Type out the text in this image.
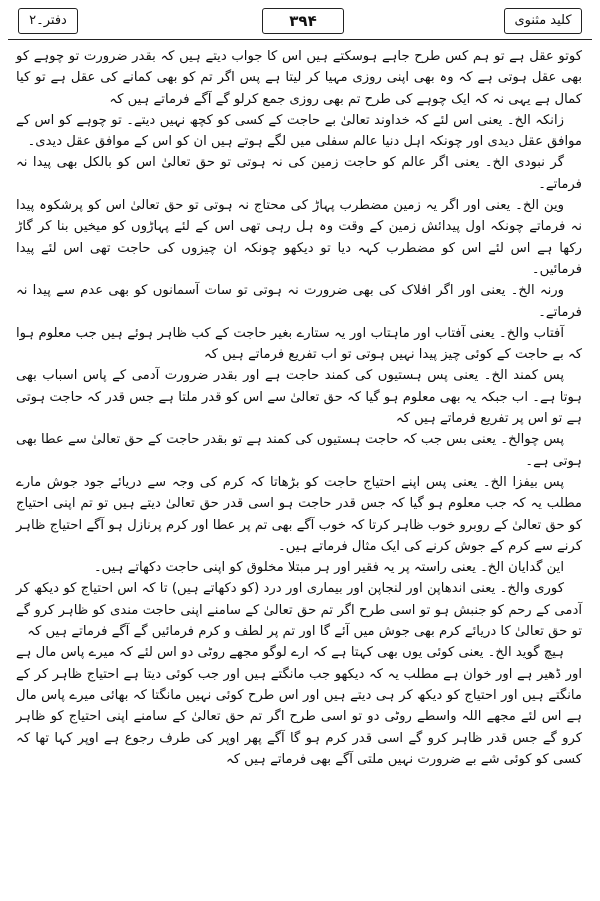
دفتر۔۲	۳۹۴	کلید مثنوی

کوتو عقل ہے تو ہم کس طرح جاہے ہوسکتے ہیں اس کا جواب دیتے ہیں کہ بقدر ضرورت تو چوہے کو بھی عقل ہوتی ہے کہ وہ بھی اپنی روزی مہیا کر لیتا ہے پس اگر تم کو بھی کمانے کی عقل ہے تو کیا کمال ہے یہی نہ کہ ایک چوہے کی طرح تم بھی روزی جمع کرلو گے آگے فرماتے ہیں کہ

زانکہ الخ۔ یعنی اس لئے کہ خداوند تعالیٰ بے حاجت کے کسی کو کچھ نہیں دیتے۔ تو چوہے کو اس کے موافق عقل دیدی اور چونکہ اہل دنیا عالم سفلی میں لگے ہوتے ہیں ان کو اس کے موافق عقل دیدی۔

گر نبودی الخ۔ یعنی اگر عالم کو حاجت زمین کی نہ ہوتی تو حق تعالیٰ اس کو بالکل بھی پیدا نہ فرماتے۔

وین الخ۔ یعنی اور اگر یہ زمین مضطرب پہاڑ کی محتاج نہ ہوتی تو حق تعالیٰ اس کو پرشکوہ پیدا نہ فرماتے چونکہ اول پیدائش زمین کے وقت وہ ہل رہی تھی اس کے لئے پہاڑوں کو میخیں بنا کر گاڑ رکھا ہے اس لئے اس کو مضطرب کہہ دیا تو دیکھو چونکہ ان چیزوں کی حاجت تھی اس لئے پیدا فرمائیں۔

ورنہ الخ۔ یعنی اور اگر افلاک کی بھی ضرورت نہ ہوتی تو سات آسمانوں کو بھی عدم سے پیدا نہ فرماتے۔

آفتاب والخ۔ یعنی آفتاب اور ماہتاب اور یہ ستارے بغیر حاجت کے کب ظاہر ہوئے ہیں جب معلوم ہوا کہ بے حاجت کے کوئی چیز پیدا نہیں ہوتی تو اب تفریع فرماتے ہیں کہ

پس کمند الخ۔ یعنی پس ہستیوں کی کمند حاجت ہے اور بقدر ضرورت آدمی کے پاس اسباب بھی ہوتا ہے۔ اب جبکہ یہ بھی معلوم ہو گیا کہ حق تعالیٰ سے اس کو قدر ملتا ہے جس قدر کہ حاجت ہوتی ہے تو اس پر تفریع فرماتے ہیں کہ

پس چوالخ۔ یعنی بس جب کہ حاجت ہستیوں کی کمند ہے تو بقدر حاجت کے حق تعالیٰ سے عطا بھی ہوتی ہے۔

پس بیفزا الخ۔ یعنی پس اپنے احتیاج حاجت کو بڑھاتا کہ کرم کی وجہ سے دریائے جود جوش مارے مطلب یہ کہ جب معلوم ہو گیا کہ جس قدر حاجت ہو اسی قدر حق تعالیٰ دیتے ہیں تو تم اپنی احتیاج کو حق تعالیٰ کے روبرو خوب ظاہر کرتا کہ خوب آگے بھی تم پر عطا اور کرم پرنازل ہو آگے احتیاج ظاہر کرنے سے کرم کے جوش کرنے کی ایک مثال فرماتے ہیں۔

این گدایان الخ۔ یعنی راستہ پر یہ فقیر اور ہر مبتلا مخلوق کو اپنی حاجت دکھاتے ہیں۔

کوری والخ۔ یعنی اندھاپن اور لنجاپن اور بیماری اور درد (کو دکھاتے ہیں) تا کہ اس احتیاج کو دیکھ کر آدمی کے رحم کو جنبش ہو تو اسی طرح اگر تم حق تعالیٰ کے سامنے اپنی حاجت مندی کو ظاہر کرو گے تو حق تعالیٰ کا دریائے کرم بھی جوش میں آئے گا اور تم پر لطف و کرم فرمائیں گے آگے فرماتے ہیں کہ

ہیچ گوید الخ۔ یعنی کوئی یوں بھی کہتا ہے کہ ارے لوگو مجھے روٹی دو اس لئے کہ میرے پاس مال ہے اور ڈھیر ہے اور خوان ہے مطلب یہ کہ دیکھو جب مانگتے ہیں اور جب کوئی دیتا ہے احتیاج ظاہر کر کے مانگتے ہیں اور احتیاج کو دیکھ کر ہی دیتے ہیں اور اس طرح کوئی نہیں مانگتا کہ بھائی میرے پاس مال ہے اس لئے مجھے اللہ واسطے روٹی دو تو اسی طرح اگر تم حق تعالیٰ کے سامنے اپنی احتیاج کو ظاہر کرو گے جس قدر ظاہر کرو گے اسی قدر کرم ہو گا آگے پھر اوپر کی طرف رجوع ہے اوپر کہا تھا کہ کسی کو کوئی شے بے ضرورت نہیں ملتی آگے بھی فرماتے ہیں کہ
